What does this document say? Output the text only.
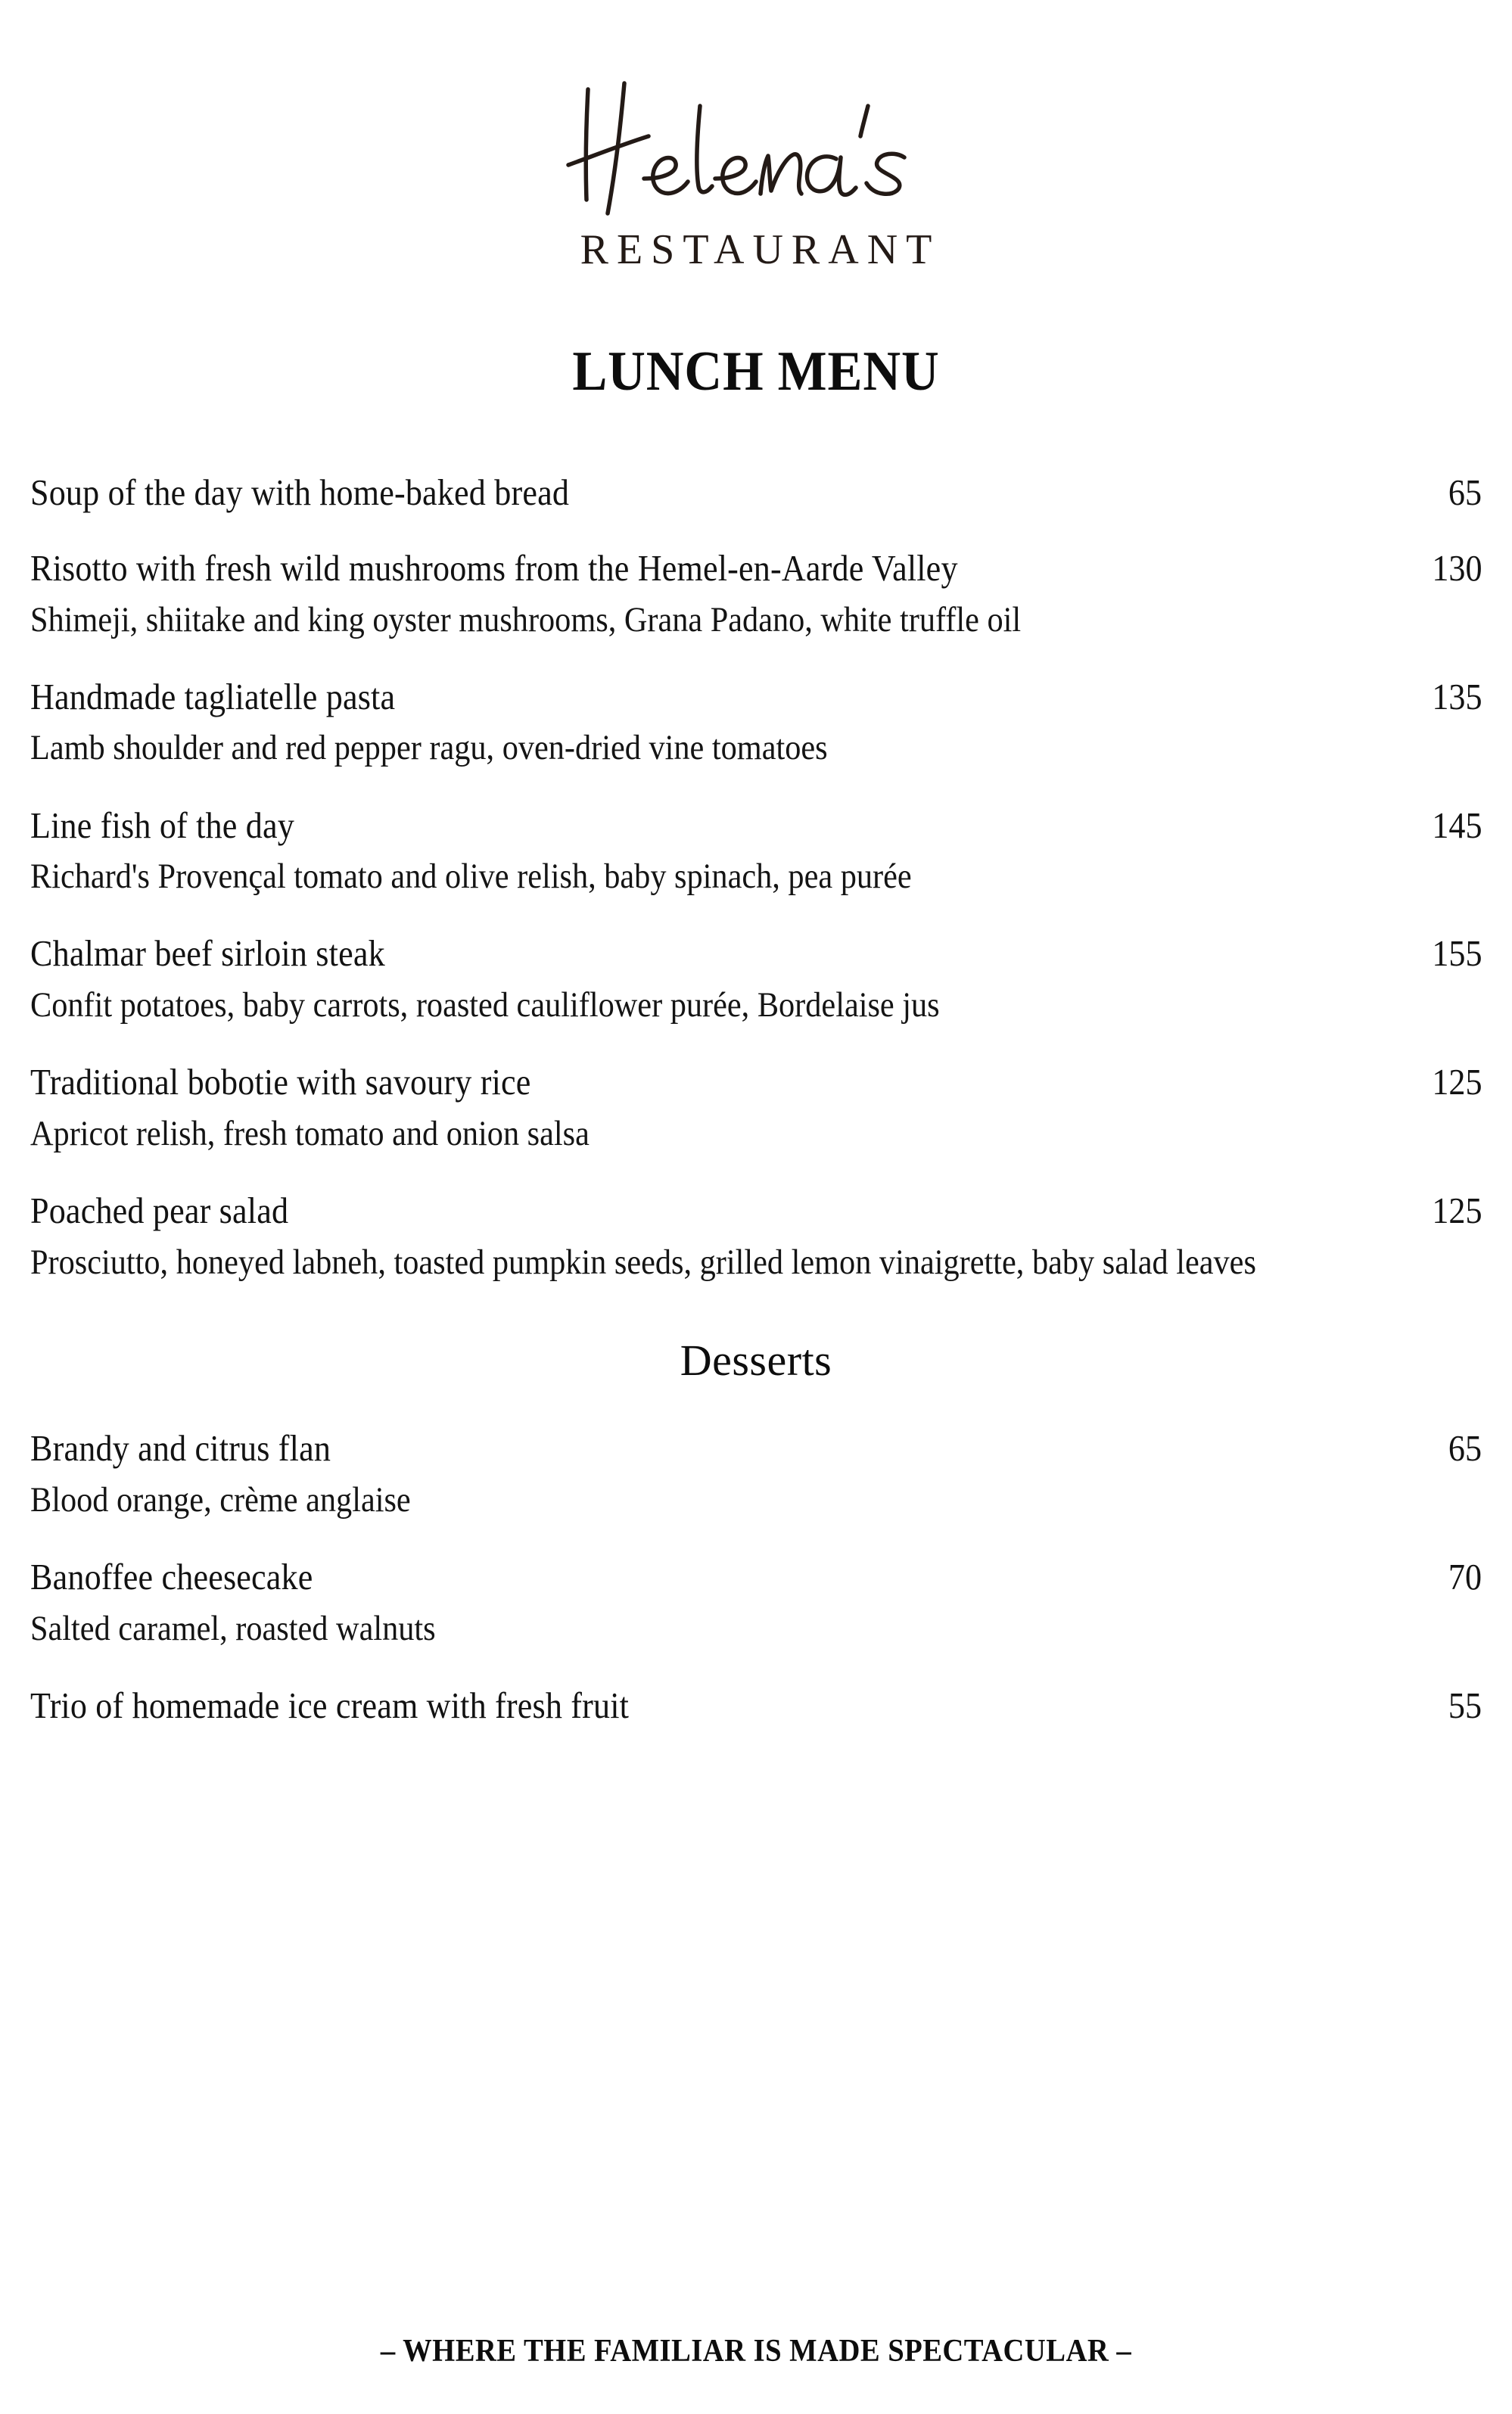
RESTAURANT
LUNCH MENU
Soup of the day with home-baked bread	65
Risotto with fresh wild mushrooms from the Hemel-en-Aarde Valley	130
Shimeji, shiitake and king oyster mushrooms, Grana Padano, white truffle oil
Handmade tagliatelle pasta	135
Lamb shoulder and red pepper ragu, oven-dried vine tomatoes
Line fish of the day	145
Richard's Provençal tomato and olive relish, baby spinach, pea purée
Chalmar beef sirloin steak	155
Confit potatoes, baby carrots, roasted cauliflower purée, Bordelaise jus
Traditional bobotie with savoury rice	125
Apricot relish, fresh tomato and onion salsa
Poached pear salad	125
Prosciutto, honeyed labneh, toasted pumpkin seeds, grilled lemon vinaigrette, baby salad leaves
Desserts
Brandy and citrus flan	65
Blood orange, crème anglaise
Banoffee cheesecake	70
Salted caramel, roasted walnuts
Trio of homemade ice cream with fresh fruit	55
– WHERE THE FAMILIAR IS MADE SPECTACULAR –
